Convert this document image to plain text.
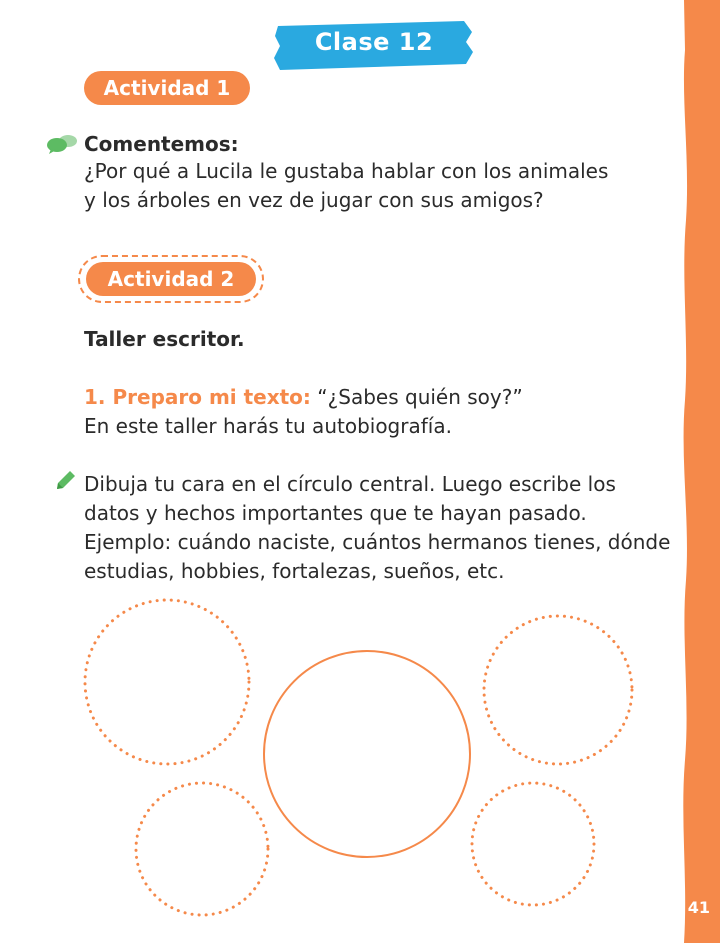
41
Clase 12
Actividad 1

Comentemos:

¿Por qué a Lucila le gustaba hablar con los animales

y los árboles en vez de jugar con sus amigos?

Actividad 2

Taller escritor.

1. Preparo mi texto: “¿Sabes quién soy?”

En este taller harás tu autobiografía.

Dibuja tu cara en el círculo central. Luego escribe los

datos y hechos importantes que te hayan pasado.

Ejemplo: cuándo naciste, cuántos hermanos tienes, dónde

estudias, hobbies, fortalezas, sueños, etc.
